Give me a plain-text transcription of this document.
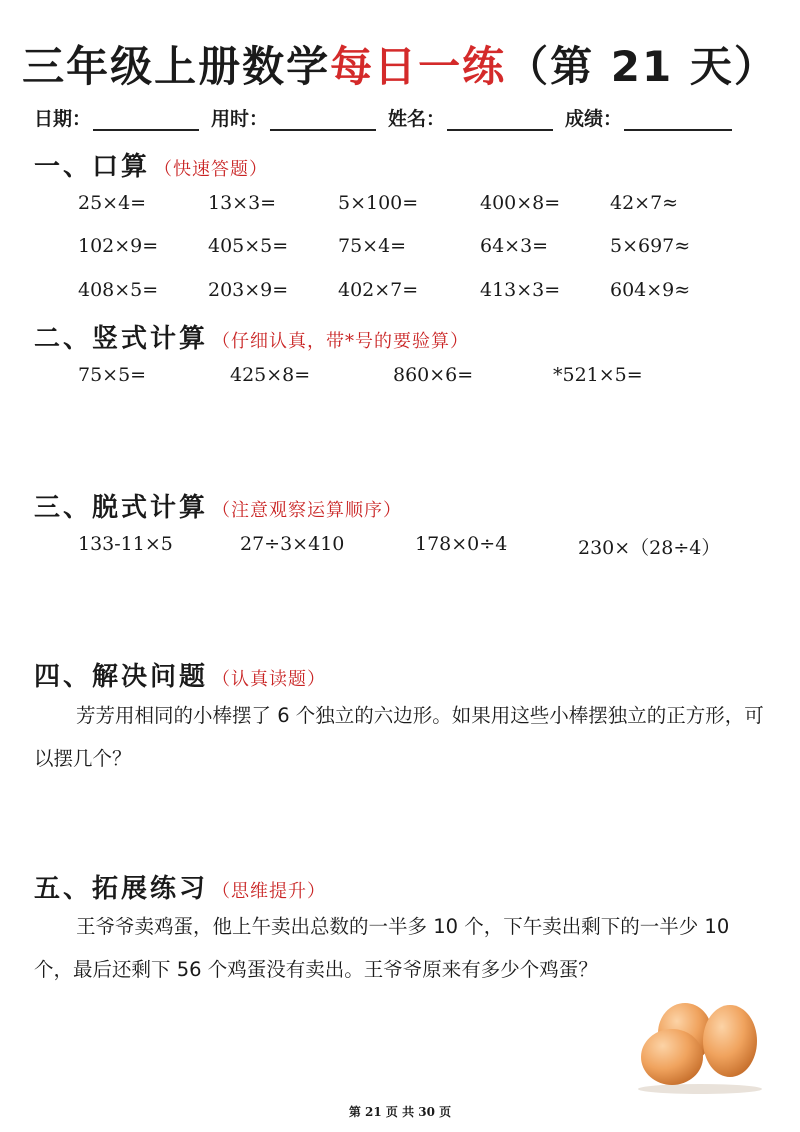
三年级上册数学每日一练（第 21 天）
日期：	用时：	姓名：	成绩：
一、口算 （快速答题）
25×4=	13×3=	5×100=	400×8=	42×7≈
102×9=	405×5=	75×4=	64×3=	5×697≈
408×5=	203×9=	402×7=	413×3=	604×9≈
二、竖式计算 （仔细认真，带*号的要验算）
75×5=	425×8=	860×6=	*521×5=
三、脱式计算 （注意观察运算顺序）
133-11×5	27÷3×410	178×0÷4	230×（28÷4）
四、解决问题 （认真读题）
芳芳用相同的小棒摆了 6 个独立的六边形。如果用这些小棒摆独立的正方形，可以摆几个？
五、拓展练习 （思维提升）
王爷爷卖鸡蛋，他上午卖出总数的一半多 10 个，下午卖出剩下的一半少 10 个，最后还剩下 56 个鸡蛋没有卖出。王爷爷原来有多少个鸡蛋？
第 21 页 共 30 页
